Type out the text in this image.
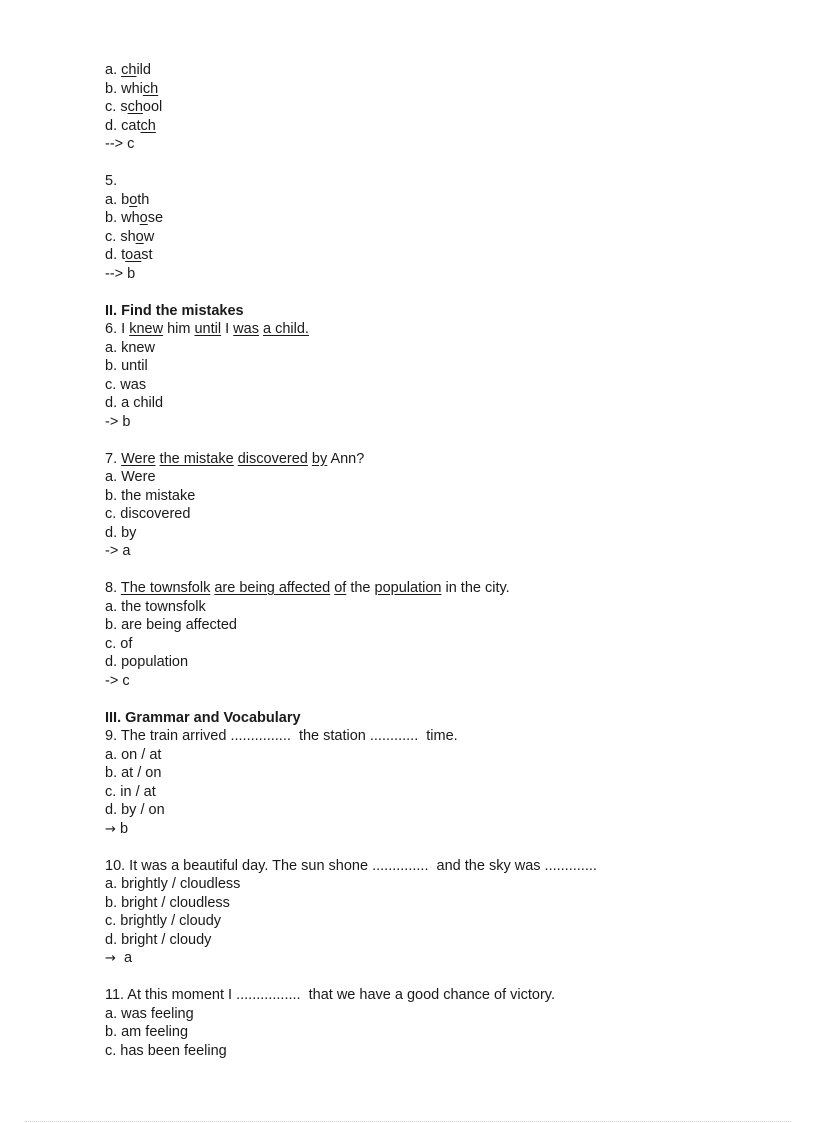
a. child
b. which
c. school
d. catch
--> c
5.
a. both
b. whose
c. show
d. toast
--> b
II. Find the mistakes
6. I knew him until I was a child.
a. knew
b. until
c. was
d. a child
-> b
7. Were the mistake discovered by Ann?
a. Were
b. the mistake
c. discovered
d. by
-> a
8. The townsfolk are being affected of the population in the city.
a. the townsfolk
b. are being affected
c. of
d. population
-> c
III. Grammar and Vocabulary
9. The train arrived ...............  the station ............  time.
a. on / at
b. at / on
c. in / at
d. by / on
→ b
10. It was a beautiful day. The sun shone ..............  and the sky was .............
a. brightly / cloudless
b. bright / cloudless
c. brightly / cloudy
d. bright / cloudy
→ a
11. At this moment I ................  that we have a good chance of victory.
a. was feeling
b. am feeling
c. has been feeling
